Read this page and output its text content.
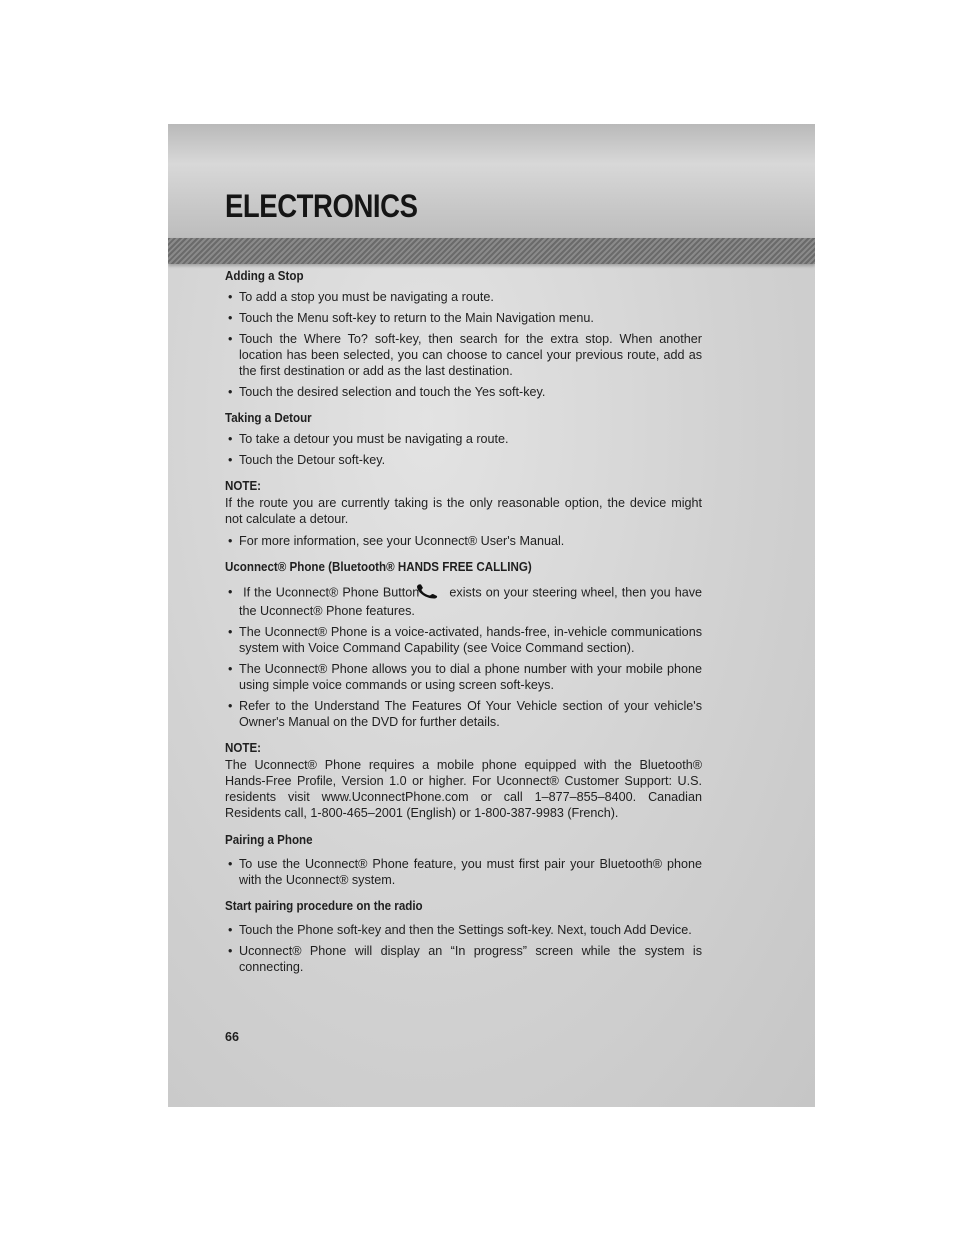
ELECTRONICS
Adding a Stop
• To add a stop you must be navigating a route.
• Touch the Menu soft-key to return to the Main Navigation menu.
• Touch the Where To? soft-key, then search for the extra stop. When another location has been selected, you can choose to cancel your previous route, add as the first destination or add as the last destination.
• Touch the desired selection and touch the Yes soft-key.
Taking a Detour
• To take a detour you must be navigating a route.
• Touch the Detour soft-key.
NOTE:
If the route you are currently taking is the only reasonable option, the device might not calculate a detour.
• For more information, see your Uconnect® User's Manual.
Uconnect® Phone (Bluetooth® HANDS FREE CALLING)
• If the Uconnect® Phone Button exists on your steering wheel, then you have the Uconnect® Phone features.
• The Uconnect® Phone is a voice-activated, hands-free, in-vehicle communications system with Voice Command Capability (see Voice Command section).
• The Uconnect® Phone allows you to dial a phone number with your mobile phone using simple voice commands or using screen soft-keys.
• Refer to the Understand The Features Of Your Vehicle section of your vehicle's Owner's Manual on the DVD for further details.
NOTE:
The Uconnect® Phone requires a mobile phone equipped with the Bluetooth® Hands-Free Profile, Version 1.0 or higher. For Uconnect® Customer Support: U.S. residents visit www.UconnectPhone.com or call 1–877–855–8400. Canadian Residents call, 1-800-465–2001 (English) or 1-800-387-9983 (French).
Pairing a Phone
• To use the Uconnect® Phone feature, you must first pair your Bluetooth® phone with the Uconnect® system.
Start pairing procedure on the radio
• Touch the Phone soft-key and then the Settings soft-key. Next, touch Add Device.
• Uconnect® Phone will display an “In progress” screen while the system is connecting.
66
